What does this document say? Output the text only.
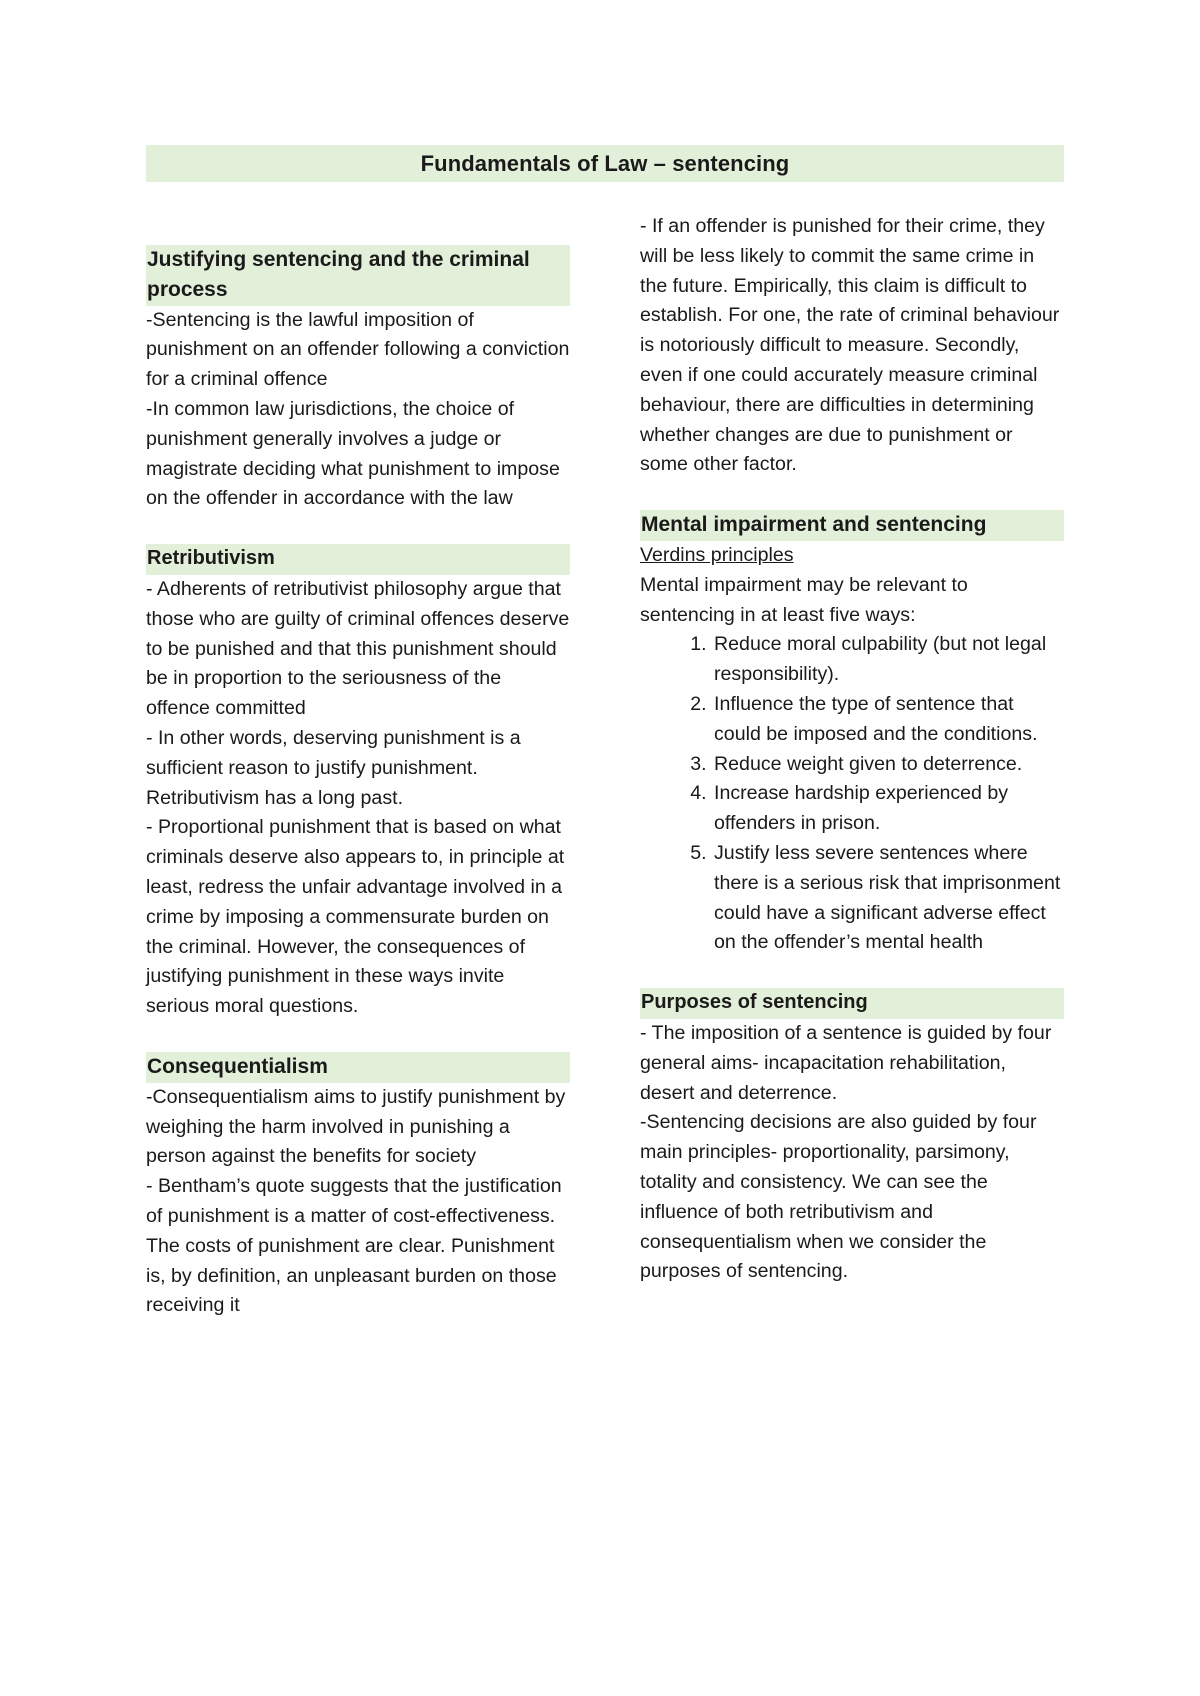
Fundamentals of Law – sentencing
Justifying sentencing and the criminal process

-Sentencing is the lawful imposition of punishment on an offender following a conviction for a criminal offence

-In common law jurisdictions, the choice of punishment generally involves a judge or magistrate deciding what punishment to impose on the offender in accordance with the law

Retributivism

- Adherents of retributivist philosophy argue that those who are guilty of criminal offences deserve to be punished and that this punishment should be in proportion to the seriousness of the offence committed

- In other words, deserving punishment is a sufficient reason to justify punishment. Retributivism has a long past.

- Proportional punishment that is based on what criminals deserve also appears to, in principle at least, redress the unfair advantage involved in a crime by imposing a commensurate burden on the criminal. However, the consequences of justifying punishment in these ways invite serious moral questions.

Consequentialism

-Consequentialism aims to justify punishment by weighing the harm involved in punishing a person against the benefits for society

- Bentham’s quote suggests that the justification of punishment is a matter of cost-effectiveness. The costs of punishment are clear. Punishment is, by definition, an unpleasant burden on those receiving it

- If an offender is punished for their crime, they will be less likely to commit the same crime in the future. Empirically, this claim is difficult to establish. For one, the rate of criminal behaviour is notoriously difficult to measure. Secondly, even if one could accurately measure criminal behaviour, there are difficulties in determining whether changes are due to punishment or some other factor.

Mental impairment and sentencing
Verdins principles

Mental impairment may be relevant to sentencing in at least five ways:

1. Reduce moral culpability (but not legal responsibility).
2. Influence the type of sentence that could be imposed and the conditions.
3. Reduce weight given to deterrence.
4. Increase hardship experienced by offenders in prison.
5. Justify less severe sentences where there is a serious risk that imprisonment could have a significant adverse effect on the offender’s mental health
Purposes of sentencing

- The imposition of a sentence is guided by four general aims- incapacitation rehabilitation, desert and deterrence.

-Sentencing decisions are also guided by four main principles- proportionality, parsimony, totality and consistency. We can see the influence of both retributivism and consequentialism when we consider the purposes of sentencing.
